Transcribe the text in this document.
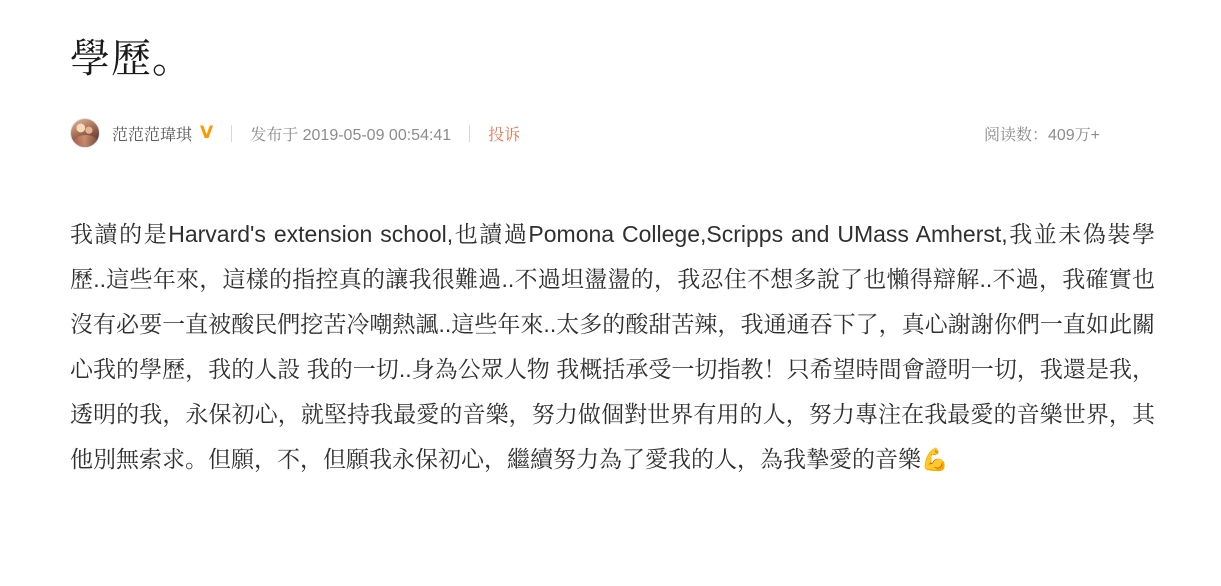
學歷。
范范范瑋琪 V 发布于 2019-05-09 00:54:41 投诉	阅读数：409万+
我讀的是Harvard's extension school,也讀過Pomona College,Scripps and UMass Amherst,我並未偽裝學歷..這些年來，這樣的指控真的讓我很難過..不過坦盪盪的，我忍住不想多說了也懶得辯解..不過，我確實也沒有必要一直被酸民們挖苦冷嘲熱諷..這些年來..太多的酸甜苦辣，我通通吞下了，真心謝謝你們一直如此關心我的學歷，我的人設 我的一切..身為公眾人物 我概括承受一切指教！只希望時間會證明一切，我還是我，透明的我，永保初心，就堅持我最愛的音樂，努力做個對世界有用的人，努力專注在我最愛的音樂世界，其他別無索求。但願，不，但願我永保初心，繼續努力為了愛我的人，為我摯愛的音樂💪
